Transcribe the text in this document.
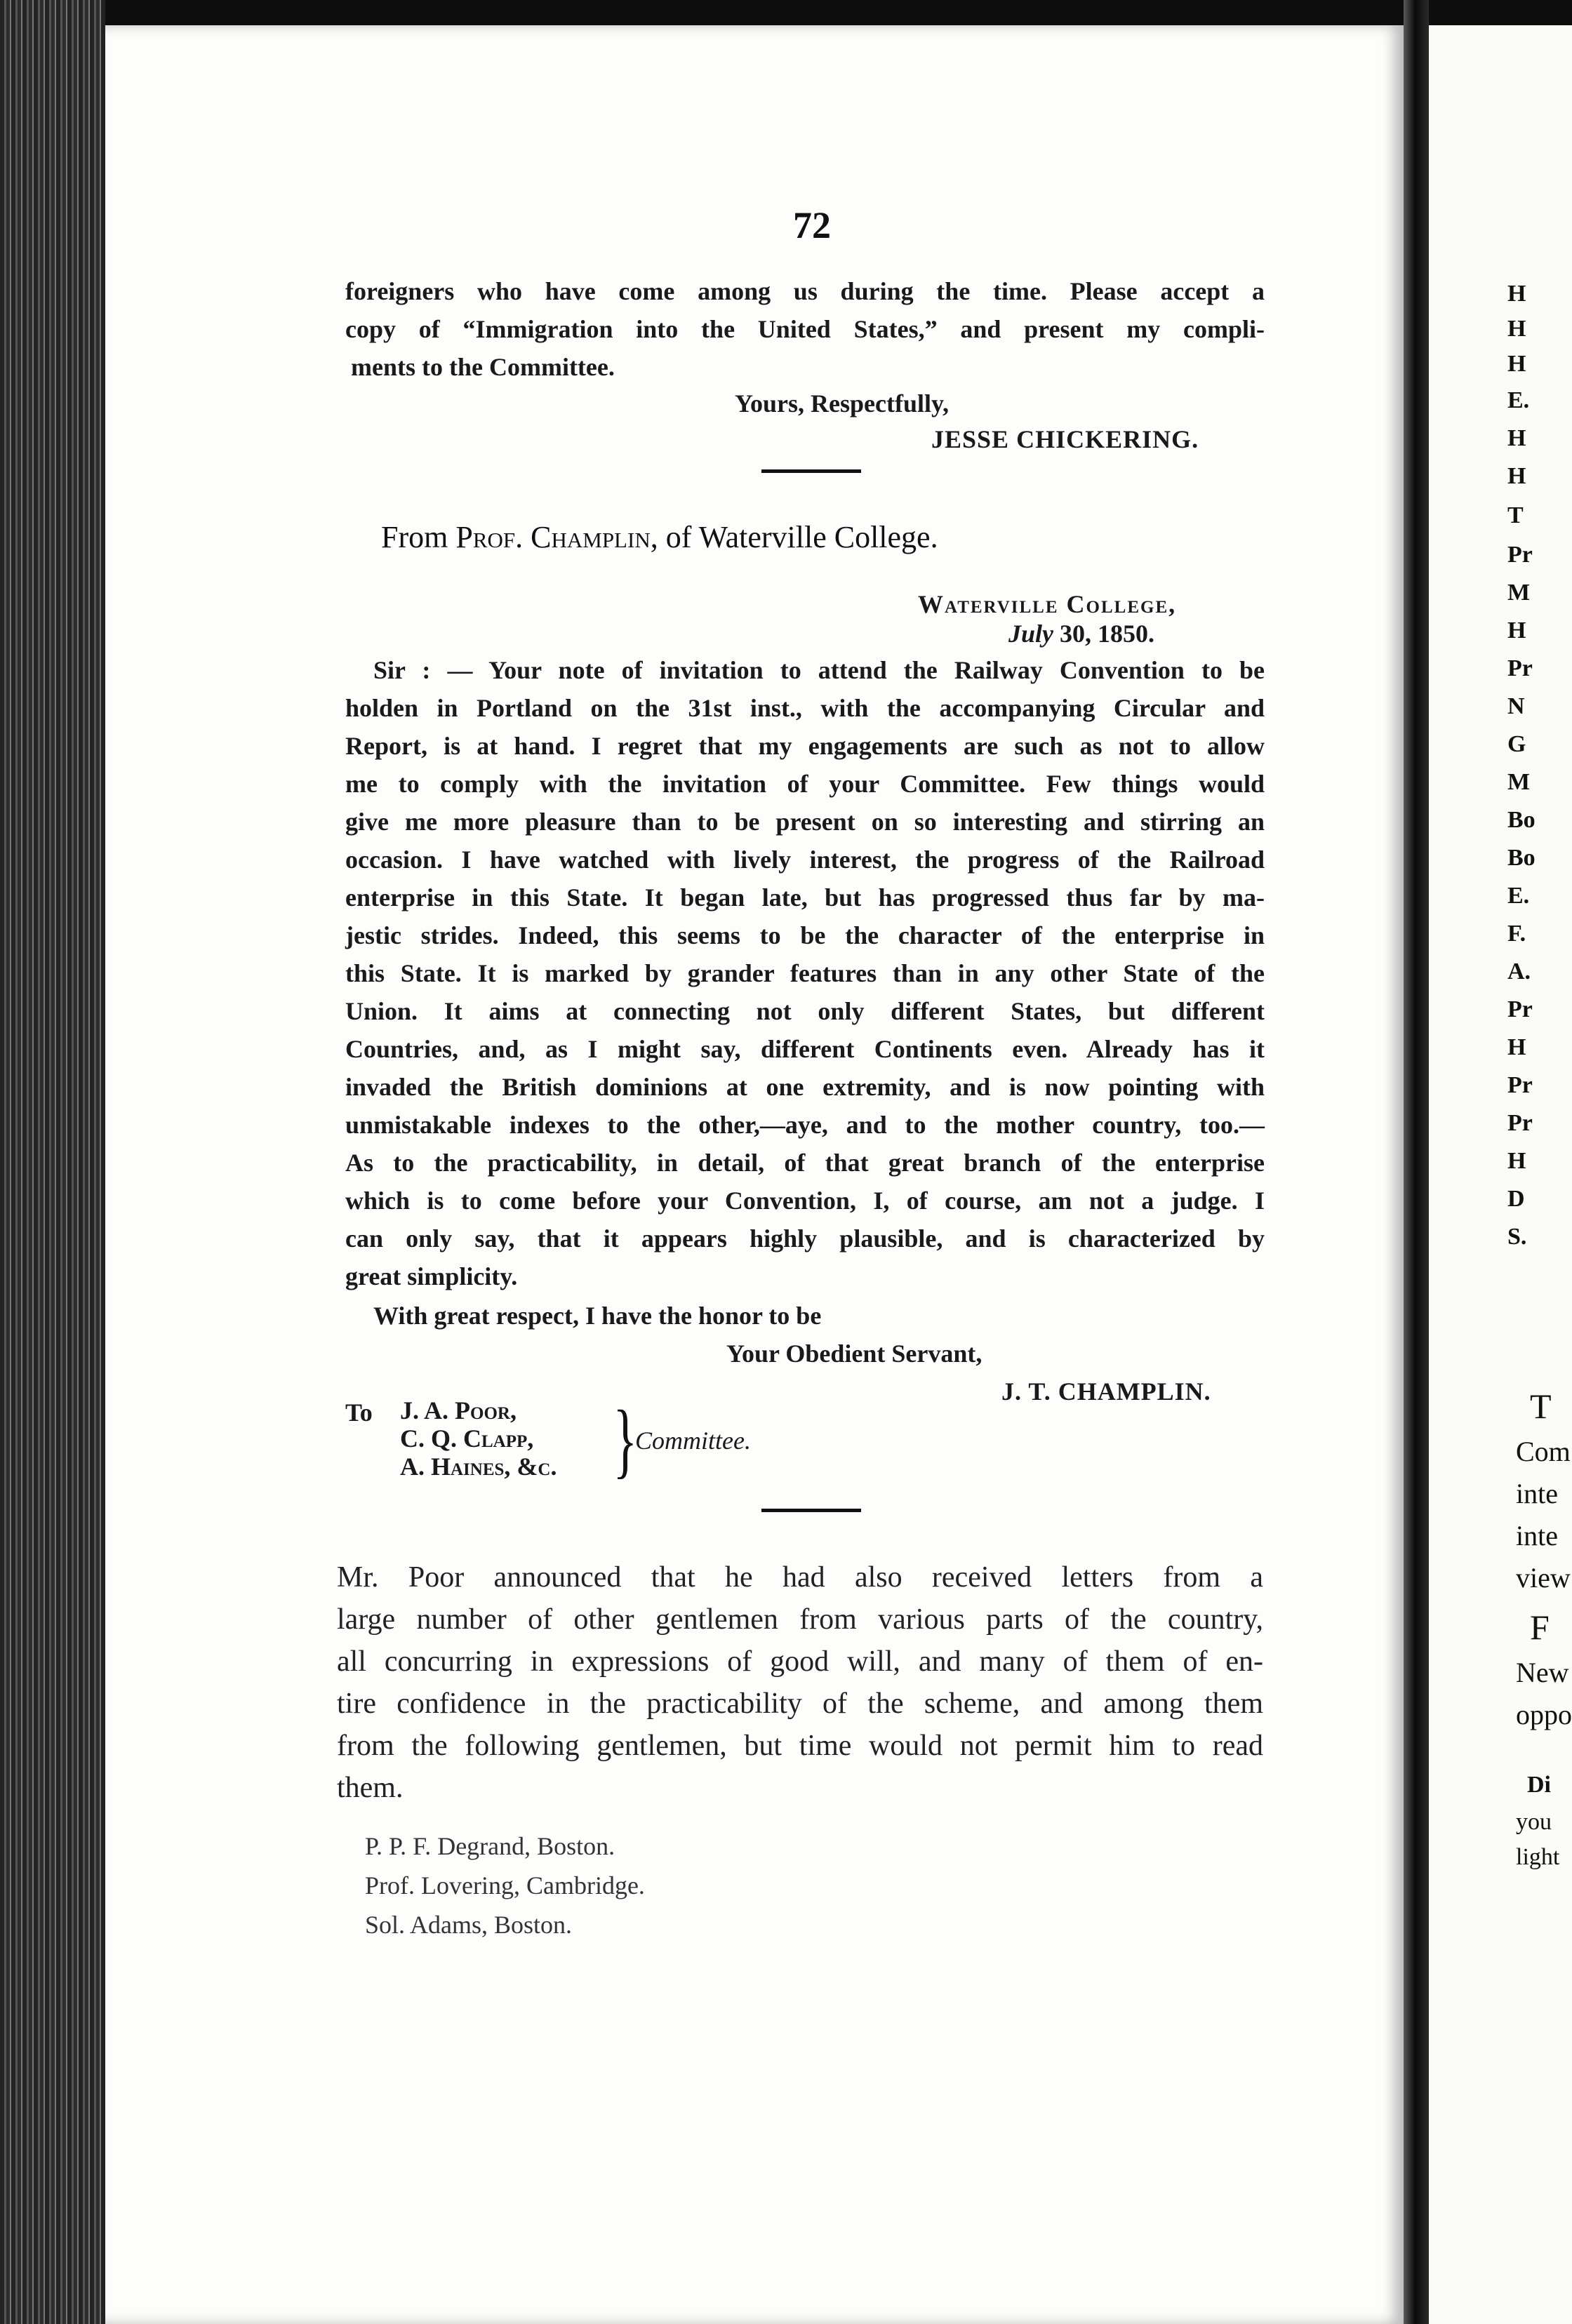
72
foreigners who have come among us during the time. Please accept a
copy of “Immigration into the United States,” and present my compli-
ments to the Committee.
Yours, Respectfully,
JESSE CHICKERING.
From Prof. Champlin, of Waterville College.
Waterville College,
July 30, 1850.
Sir : — Your note of invitation to attend the Railway Convention to be
holden in Portland on the 31st inst., with the accompanying Circular and
Report, is at hand. I regret that my engagements are such as not to allow
me to comply with the invitation of your Committee. Few things would
give me more pleasure than to be present on so interesting and stirring an
occasion. I have watched with lively interest, the progress of the Railroad
enterprise in this State. It began late, but has progressed thus far by ma-
jestic strides. Indeed, this seems to be the character of the enterprise in
this State. It is marked by grander features than in any other State of the
Union. It aims at connecting not only different States, but different
Countries, and, as I might say, different Continents even. Already has it
invaded the British dominions at one extremity, and is now pointing with
unmistakable indexes to the other,—aye, and to the mother country, too.—
As to the practicability, in detail, of that great branch of the enterprise
which is to come before your Convention, I, of course, am not a judge. I
can only say, that it appears highly plausible, and is characterized by
great simplicity.
With great respect, I have the honor to be
Your Obedient Servant,
J. T. CHAMPLIN.
To J. A. Poor,
C. Q. Clapp,
A. Haines, &c. }
Committee.
Mr. Poor announced that he had also received letters from a
large number of other gentlemen from various parts of the country,
all concurring in expressions of good will, and many of them of en-
tire confidence in the practicability of the scheme, and among them
from the following gentlemen, but time would not permit him to read
them.
P. P. F. Degrand, Boston.
Prof. Lovering, Cambridge.
Sol. Adams, Boston.
H
H
H
E.
H
H
T
Pr
M
H
Pr
N
G
M
Bo
Bo
E.
F.
A.
Pr
H
Pr
Pr
H
D
S.
T
Com
inte
inte
view
F
New
oppo
Di
you
light
